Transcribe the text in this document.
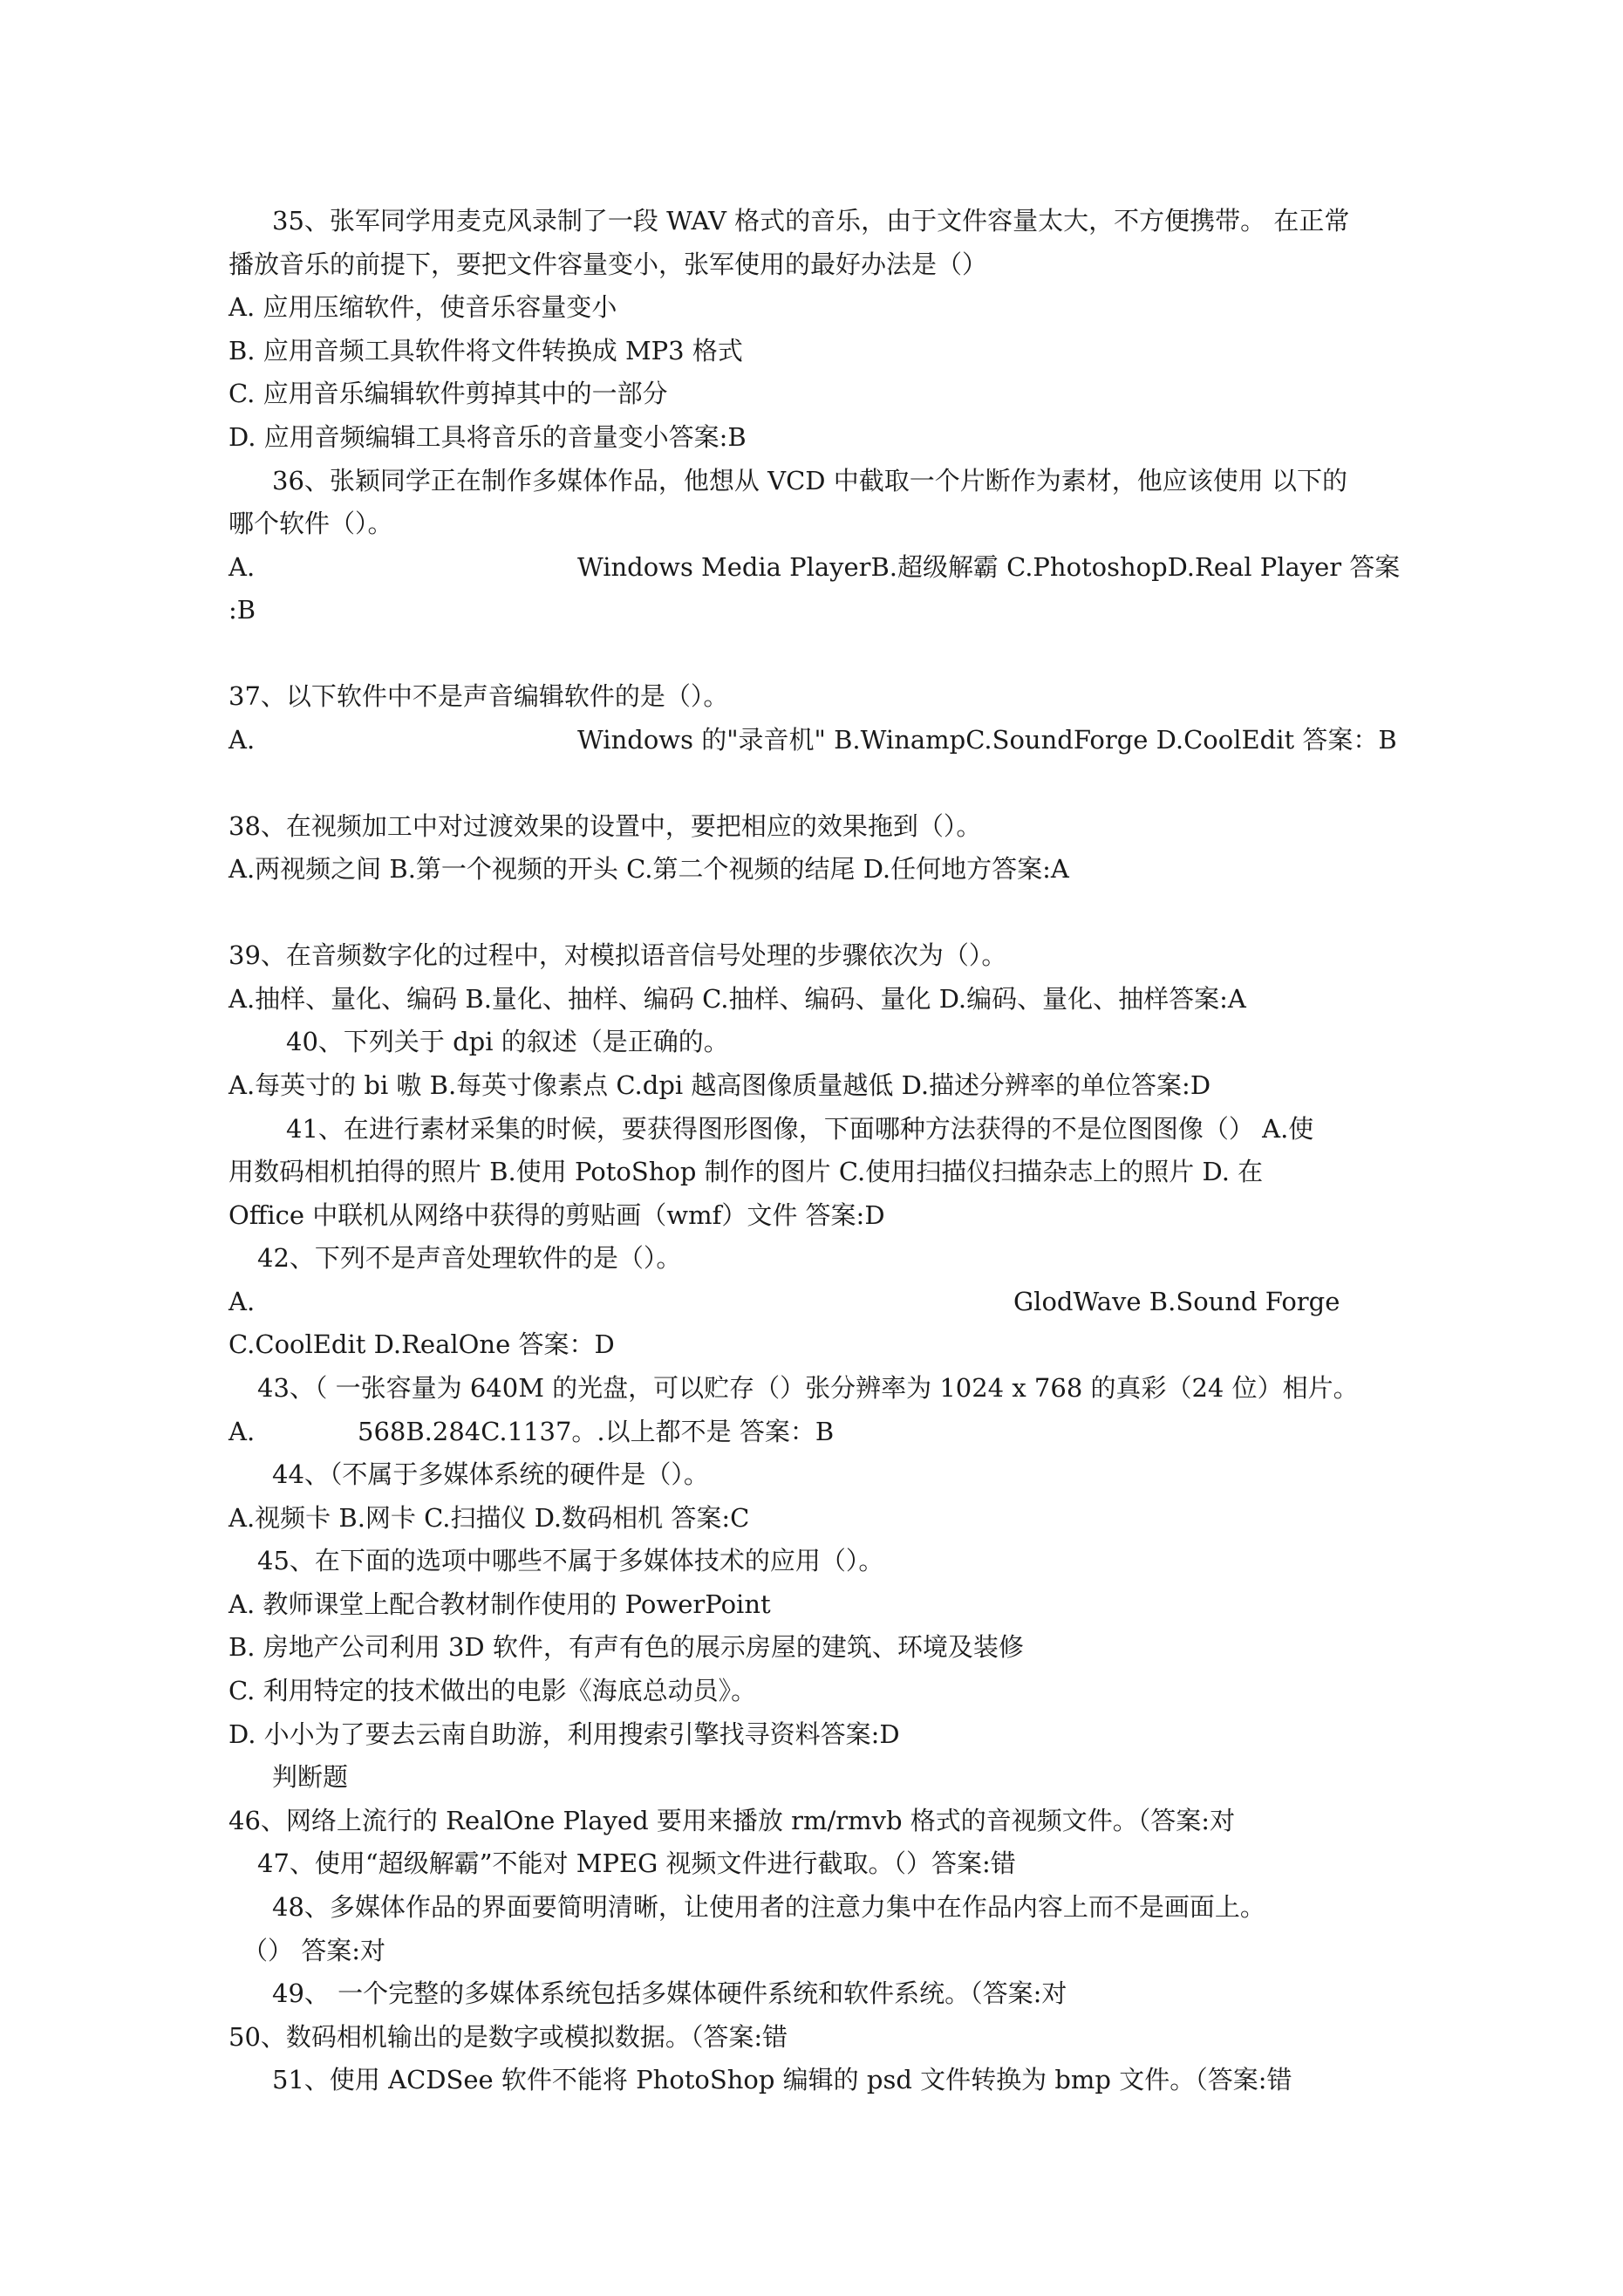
35、张军同学用麦克风录制了一段 WAV 格式的音乐，由于文件容量太大，不方便携带。 在正常
播放音乐的前提下，要把文件容量变小，张军使用的最好办法是（）
A. 应用压缩软件，使音乐容量变小
B. 应用音频工具软件将文件转换成 MP3 格式
C. 应用音乐编辑软件剪掉其中的一部分
D. 应用音频编辑工具将音乐的音量变小答案:B
36、张颖同学正在制作多媒体作品，他想从 VCD 中截取一个片断作为素材，他应该使用 以下的
哪个软件（）。
A.	Windows Media PlayerB.超级解霸 C.PhotoshopD.Real Player 答案
:B
37、以下软件中不是声音编辑软件的是（）。
A.	Windows 的"录音机" B.WinampC.SoundForge D.CoolEdit 答案：B
38、在视频加工中对过渡效果的设置中，要把相应的效果拖到（）。
A.两视频之间 B.第一个视频的开头 C.第二个视频的结尾 D.任何地方答案:A
39、在音频数字化的过程中，对模拟语音信号处理的步骤依次为（）。
A.抽样、量化、编码 B.量化、抽样、编码 C.抽样、编码、量化 D.编码、量化、抽样答案:A
40、下列关于 dpi 的叙述（是正确的。
A.每英寸的 bi 嗷 B.每英寸像素点 C.dpi 越高图像质量越低 D.描述分辨率的单位答案:D
41、在进行素材采集的时候，要获得图形图像，下面哪种方法获得的不是位图图像（） A.使
用数码相机拍得的照片 B.使用 PotoShop 制作的图片 C.使用扫描仪扫描杂志上的照片 D. 在
Office 中联机从网络中获得的剪贴画（wmf）文件 答案:D
42、下列不是声音处理软件的是（）。
A.	GlodWave B.Sound Forge
C.CoolEdit D.RealOne 答案：D
43、（ 一张容量为 640M 的光盘，可以贮存（）张分辨率为 1024 x 768 的真彩（24 位）相片。
A.	568B.284C.1137。.以上都不是 答案：B
44、（不属于多媒体系统的硬件是（）。
A.视频卡 B.网卡 C.扫描仪 D.数码相机 答案:C
45、在下面的选项中哪些不属于多媒体技术的应用（）。
A. 教师课堂上配合教材制作使用的 PowerPoint
B. 房地产公司利用 3D 软件，有声有色的展示房屋的建筑、环境及装修
C. 利用特定的技术做出的电影《海底总动员》。
D. 小小为了要去云南自助游，利用搜索引擎找寻资料答案:D
判断题
46、网络上流行的 RealOne Played 要用来播放 rm/rmvb 格式的音视频文件。（答案:对
47、使用“超级解霸”不能对 MPEG 视频文件进行截取。（）答案:错
48、多媒体作品的界面要简明清晰，让使用者的注意力集中在作品内容上而不是画面上。
（） 答案:对
49、 一个完整的多媒体系统包括多媒体硬件系统和软件系统。（答案:对
50、数码相机输出的是数字或模拟数据。（答案:错
51、使用 ACDSee 软件不能将 PhotoShop 编辑的 psd 文件转换为 bmp 文件。（答案:错
